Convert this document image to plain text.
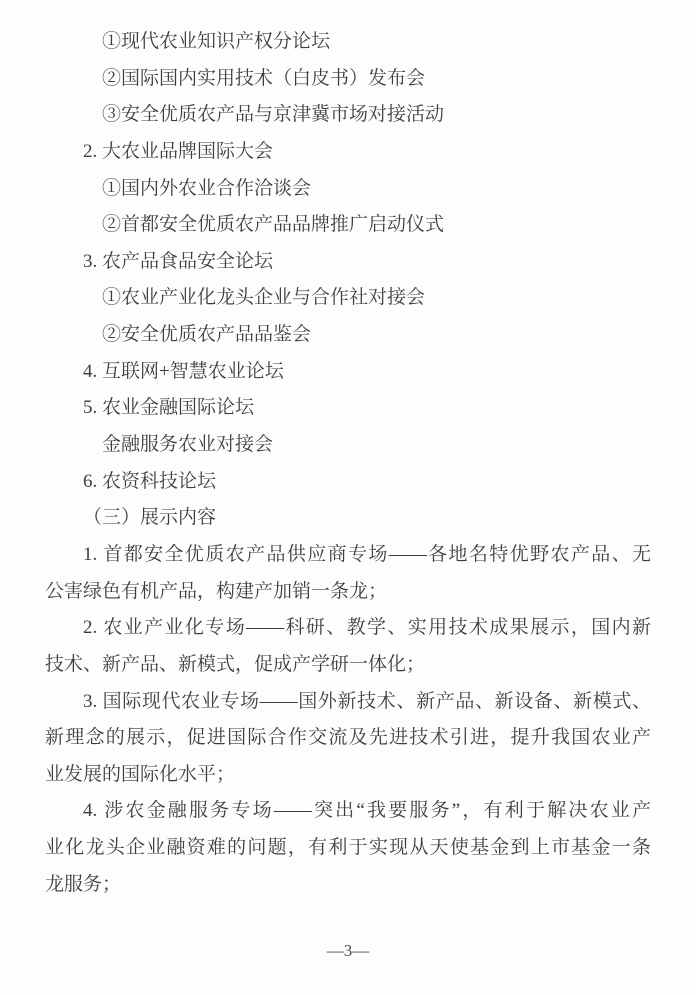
①现代农业知识产权分论坛
②国际国内实用技术（白皮书）发布会
③安全优质农产品与京津冀市场对接活动
2. 大农业品牌国际大会
①国内外农业合作洽谈会
②首都安全优质农产品品牌推广启动仪式
3. 农产品食品安全论坛
①农业产业化龙头企业与合作社对接会
②安全优质农产品品鉴会
4. 互联网+智慧农业论坛
5. 农业金融国际论坛
金融服务农业对接会
6. 农资科技论坛
（三）展示内容
1. 首都安全优质农产品供应商专场——各地名特优野农产品、无
公害绿色有机产品，构建产加销一条龙；
2. 农业产业化专场——科研、教学、实用技术成果展示，国内新
技术、新产品、新模式，促成产学研一体化；
3. 国际现代农业专场——国外新技术、新产品、新设备、新模式、
新理念的展示，促进国际合作交流及先进技术引进，提升我国农业产
业发展的国际化水平；
4. 涉农金融服务专场——突出“我要服务”，有利于解决农业产
业化龙头企业融资难的问题，有利于实现从天使基金到上市基金一条
龙服务；
—3—
